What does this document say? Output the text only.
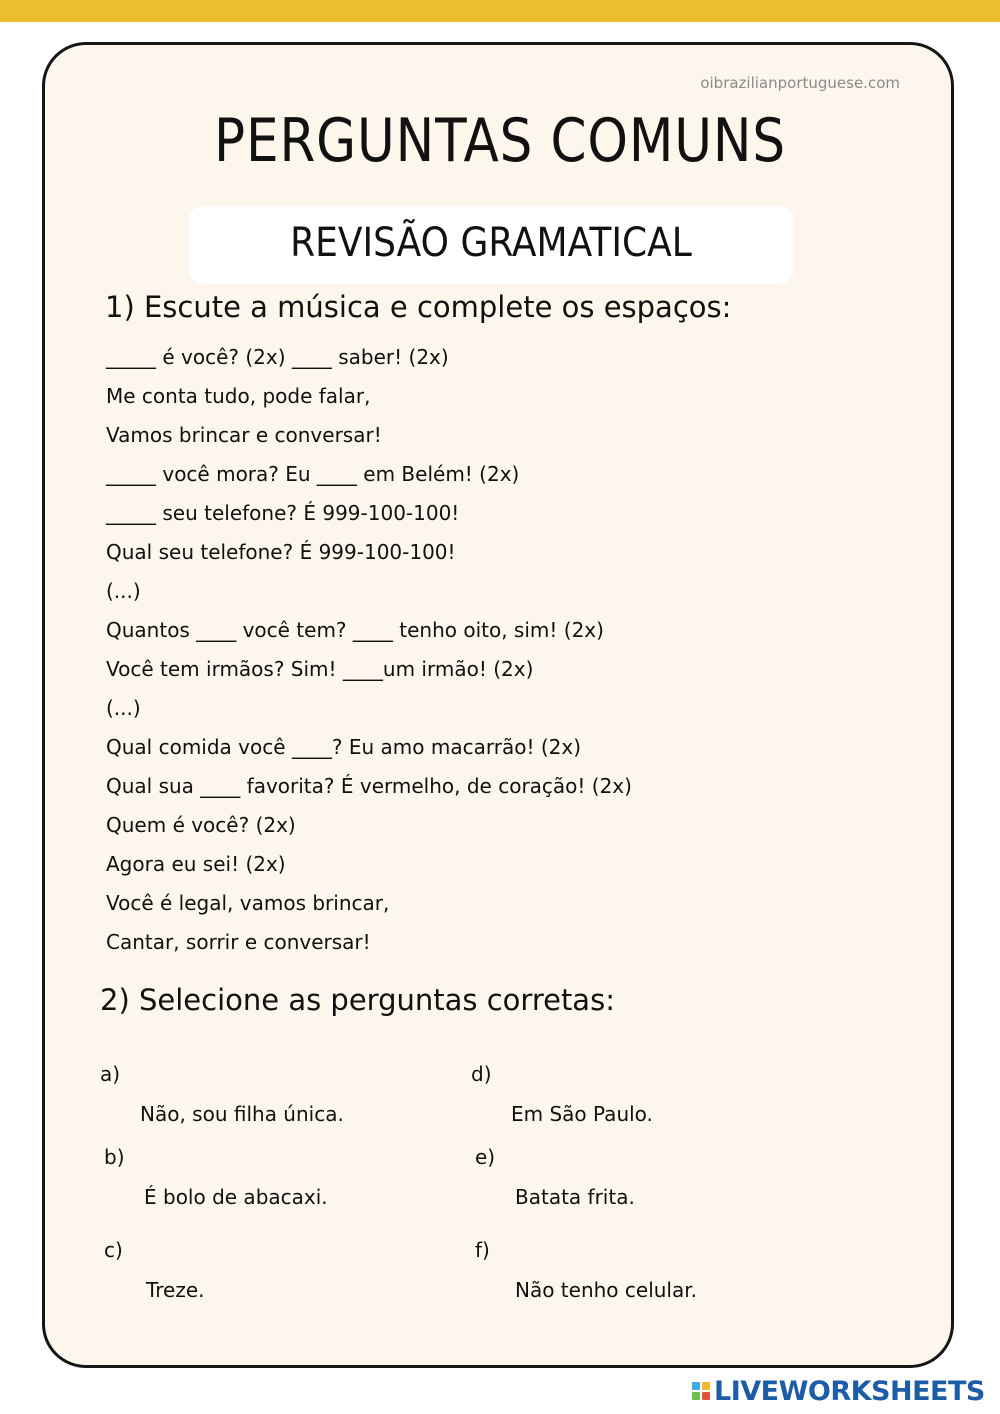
oibrazilianportuguese.com
PERGUNTAS COMUNS
REVISÃO GRAMATICAL
1) Escute a música e complete os espaços:
_____ é você? (2x) ____ saber! (2x)
Me conta tudo, pode falar,
Vamos brincar e conversar!
_____ você mora? Eu ____ em Belém! (2x)
_____ seu telefone? É 999-100-100!
Qual seu telefone? É 999-100-100!
(...)
Quantos ____ você tem? ____ tenho oito, sim! (2x)
Você tem irmãos? Sim! ____um irmão! (2x)
(...)
Qual comida você ____? Eu amo macarrão! (2x)
Qual sua ____ favorita? É vermelho, de coração! (2x)
Quem é você? (2x)
Agora eu sei! (2x)
Você é legal, vamos brincar,
Cantar, sorrir e conversar!
2) Selecione as perguntas corretas:
a)
Não, sou filha única.
b)
É bolo de abacaxi.
c)
Treze.
d)
Em São Paulo.
e)
Batata frita.
f)
Não tenho celular.
LIVEWORKSHEETS
